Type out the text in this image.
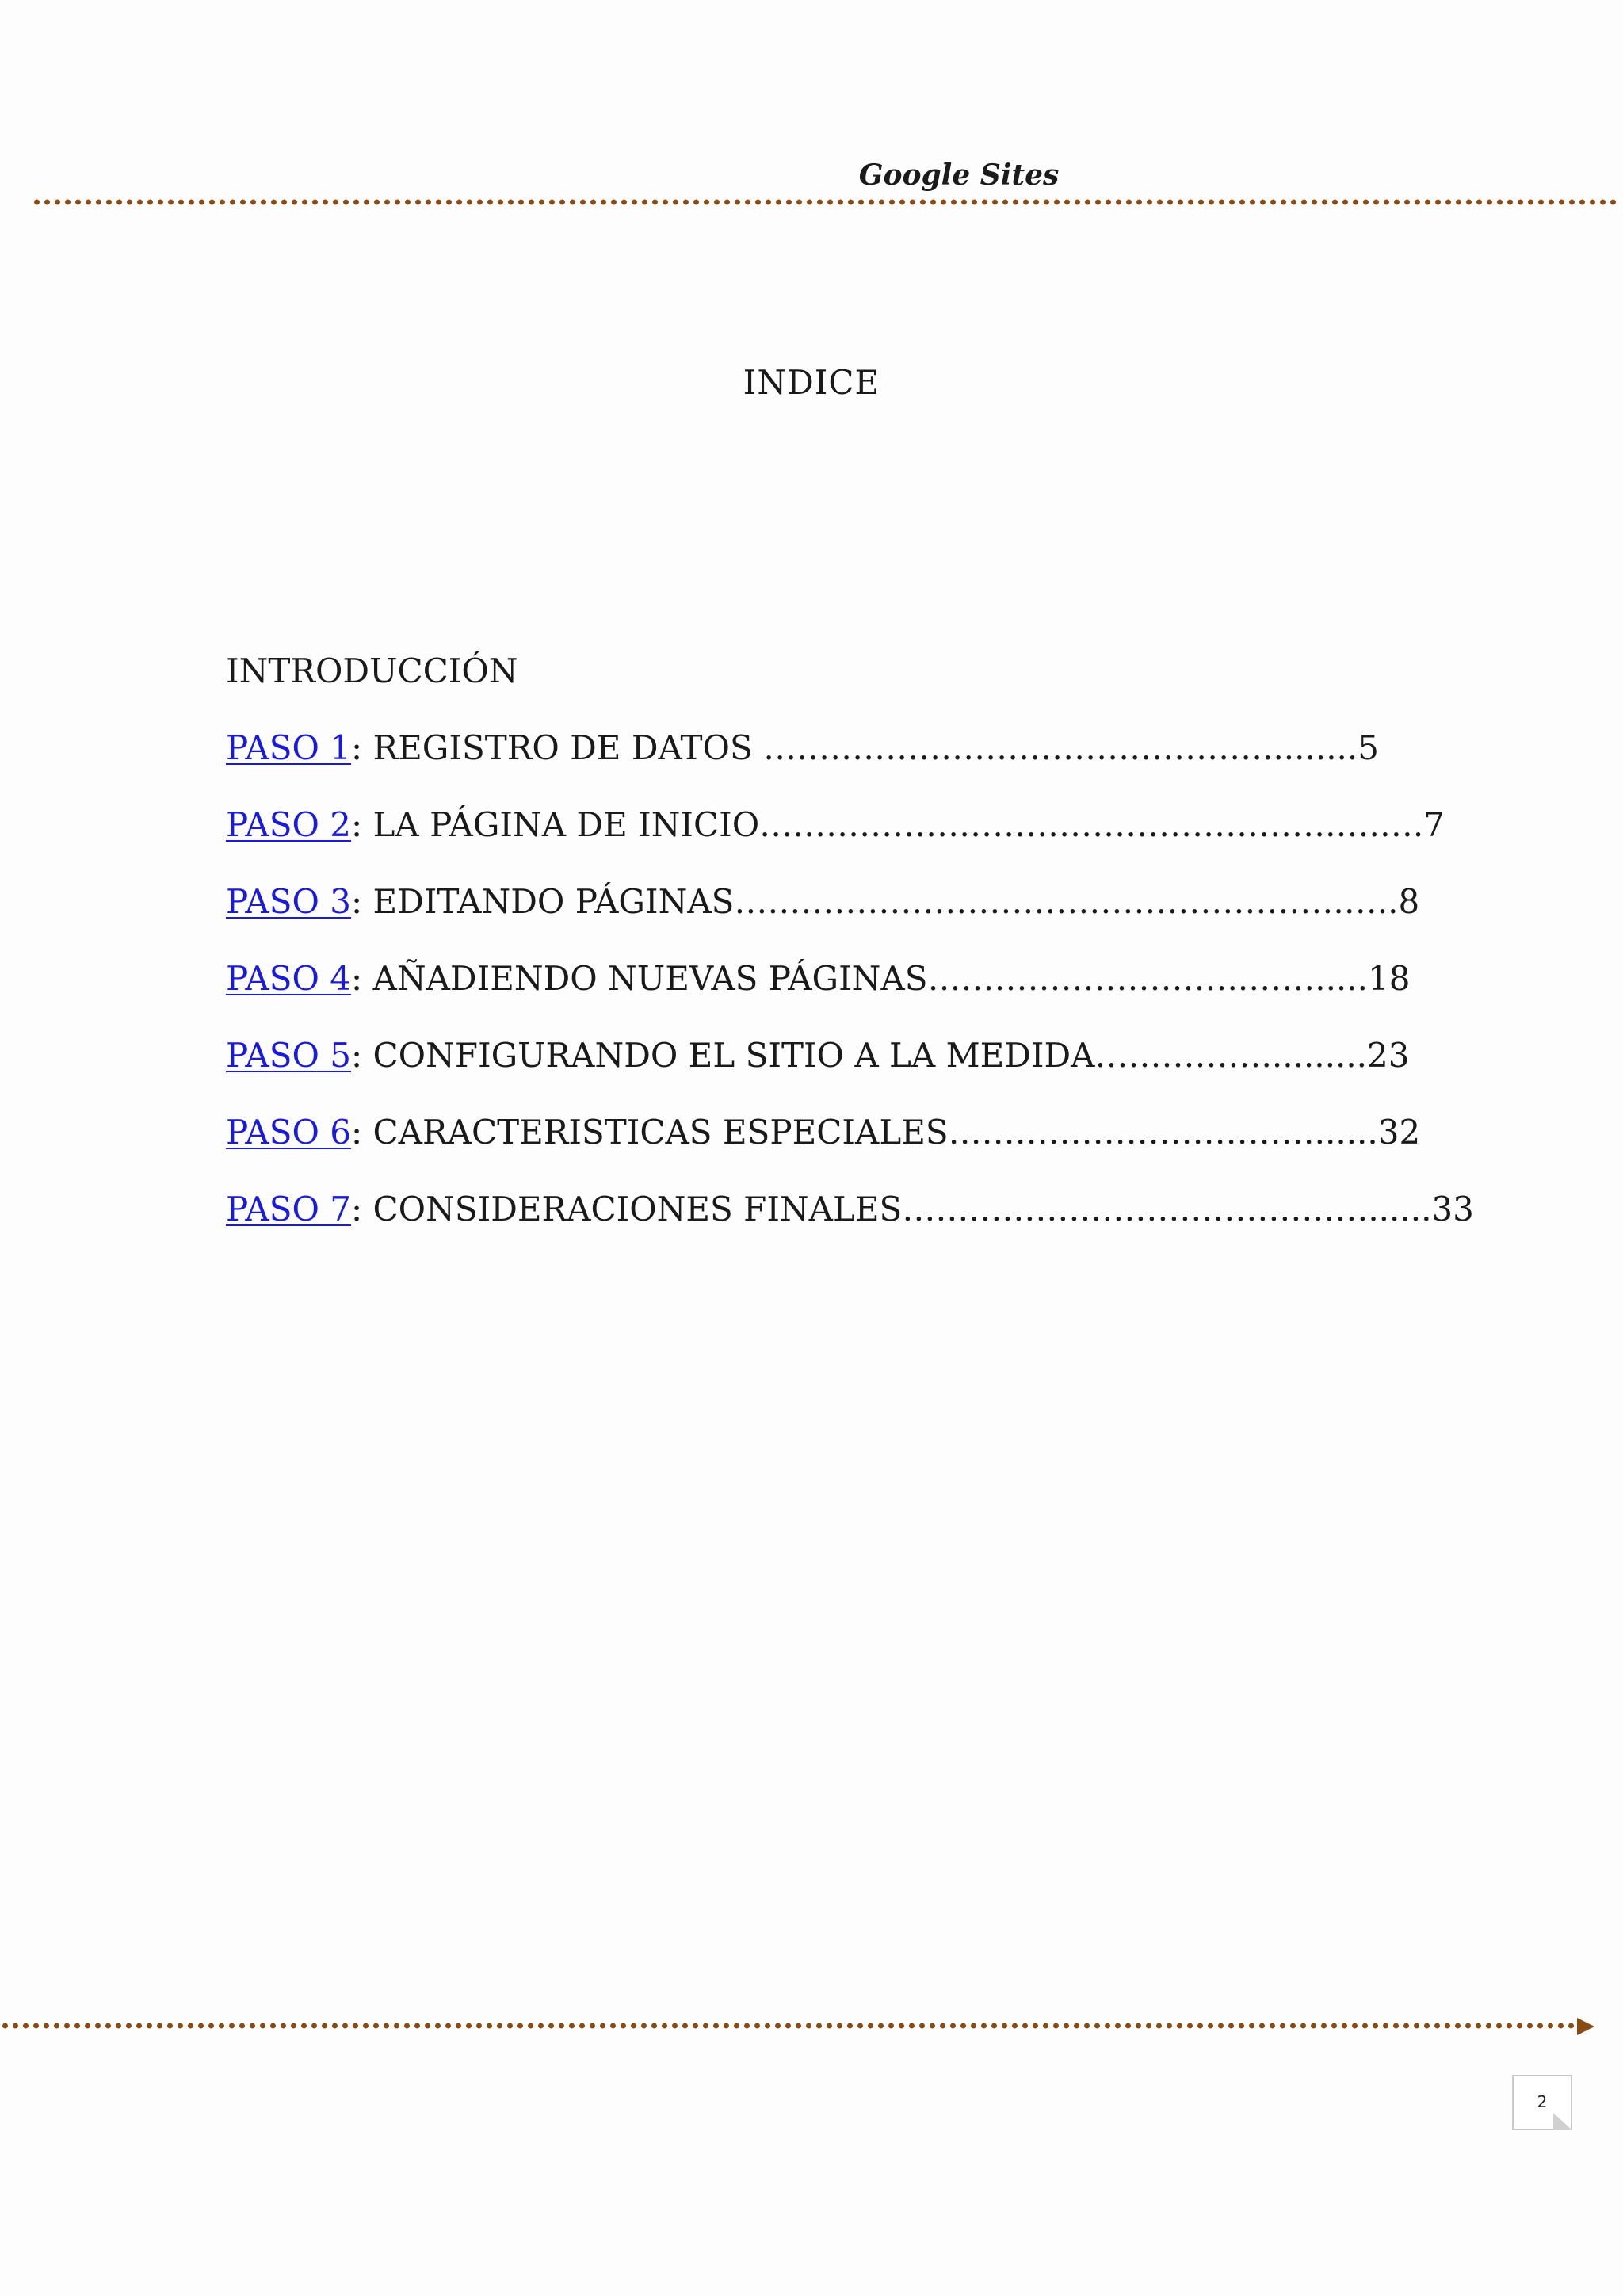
Google Sites
INDICE
INTRODUCCIÓN
PASO 1: REGISTRO DE DATOS ……………………………………….........5
PASO 2: LA PÁGINA DE INICIO…………………………………………….….….7
PASO 3: EDITANDO PÁGINAS……………………………………………….…..8
PASO 4: AÑADIENDO NUEVAS PÁGINAS………………………..…….....18
PASO 5: CONFIGURANDO EL SITIO A LA MEDIDA……………..........23
PASO 6: CARACTERISTICAS ESPECIALES……………………………......32
PASO 7: CONSIDERACIONES FINALES……………………………………......33
2
